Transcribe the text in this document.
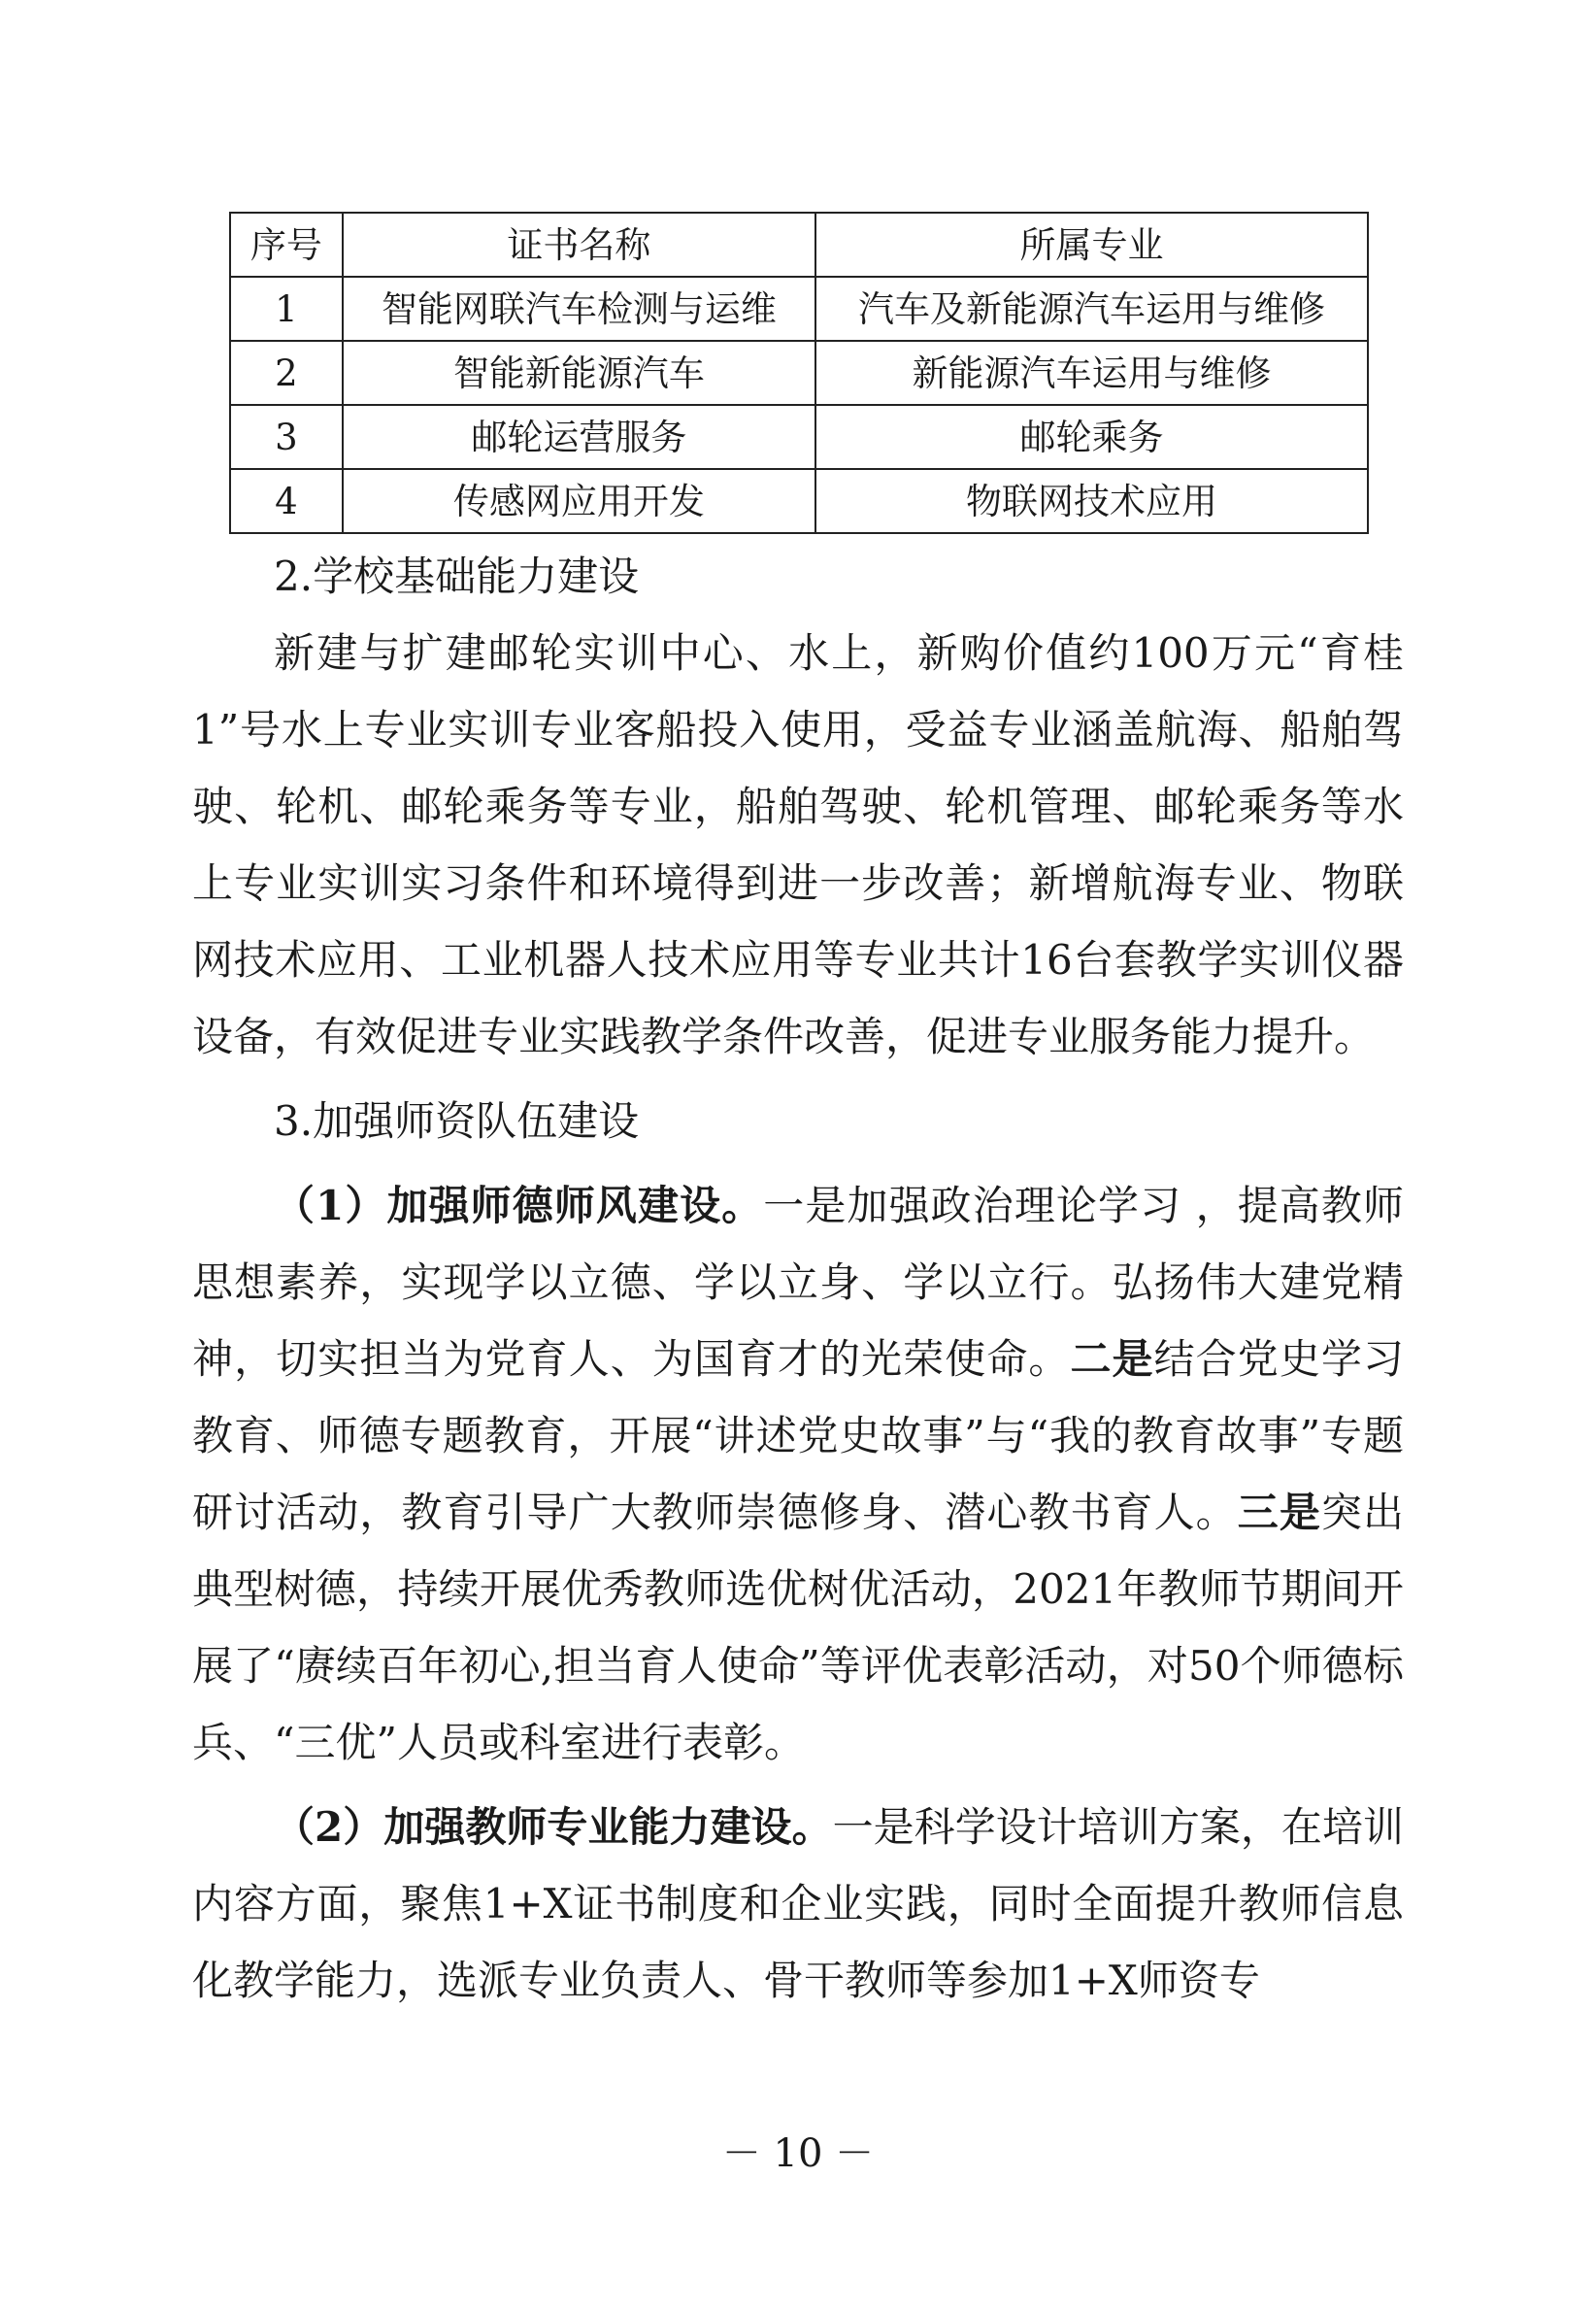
序号	证书名称	所属专业
1	智能网联汽车检测与运维	汽车及新能源汽车运用与维修
2	智能新能源汽车	新能源汽车运用与维修
3	邮轮运营服务	邮轮乘务
4	传感网应用开发	物联网技术应用

2.学校基础能力建设

新建与扩建邮轮实训中心、水上，新购价值约100万元“育桂1”号水上专业实训专业客船投入使用，受益专业涵盖航海、船舶驾驶、轮机、邮轮乘务等专业，船舶驾驶、轮机管理、邮轮乘务等水上专业实训实习条件和环境得到进一步改善；新增航海专业、物联网技术应用、工业机器人技术应用等专业共计16台套教学实训仪器设备，有效促进专业实践教学条件改善，促进专业服务能力提升。

3.加强师资队伍建设

（1）加强师德师风建设。一是加强政治理论学习 ，提高教师思想素养，实现学以立德、学以立身、学以立行。弘扬伟大建党精神，切实担当为党育人、为国育才的光荣使命。二是结合党史学习教育、师德专题教育，开展“讲述党史故事”与“我的教育故事”专题研讨活动，教育引导广大教师崇德修身、潜心教书育人。三是突出典型树德，持续开展优秀教师选优树优活动，2021年教师节期间开展了“赓续百年初心,担当育人使命”等评优表彰活动，对50个师德标兵、“三优”人员或科室进行表彰。

（2）加强教师专业能力建设。一是科学设计培训方案，在培训内容方面，聚焦1+X证书制度和企业实践，同时全面提升教师信息化教学能力，选派专业负责人、骨干教师等参加1+X师资专

－ 10 －
